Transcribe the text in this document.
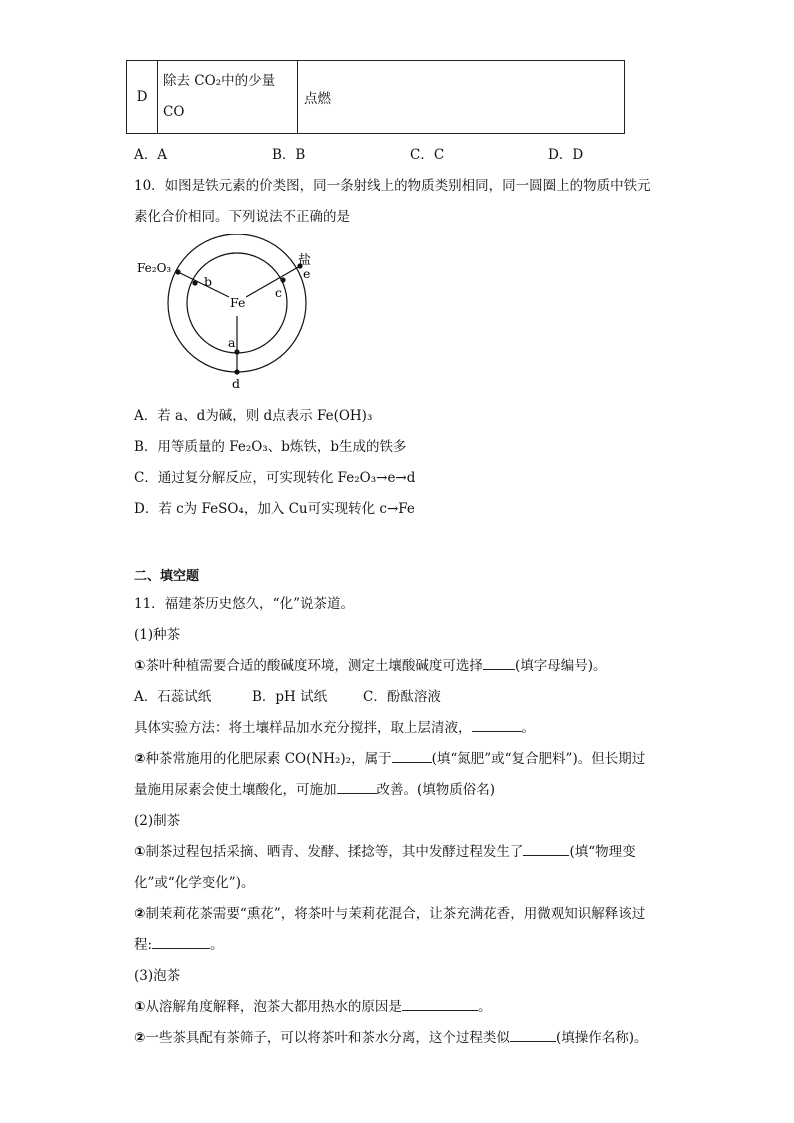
D	
除去 CO₂中的少量
CO
	点燃
A．A	B．B	C．C	D．D
10．如图是铁元素的价类图，同一条射线上的物质类别相同，同一圆圈上的物质中铁元
素化合价相同。下列说法不正确的是
Fe
Fe₂O₃	盐
b
c
e
a
d
A．若 a、d为碱，则 d点表示 Fe(OH)₃
B．用等质量的 Fe₂O₃、b炼铁，b生成的铁多
C．通过复分解反应，可实现转化 Fe₂O₃→e→d
D．若 c为 FeSO₄，加入 Cu可实现转化 c→Fe
二、填空题
11．福建茶历史悠久，“化”说茶道。
(1)种茶
①茶叶种植需要合适的酸碱度环境，测定土壤酸碱度可选择 (填字母编号)。
A．石蕊试纸	B．pH 试纸	C．酚酞溶液
具体实验方法：将土壤样品加水充分搅拌，取上层清液，	。
②种茶常施用的化肥尿素 CO(NH₂)₂，属于	(填“氮肥”或“复合肥料”)。但长期过
量施用尿素会使土壤酸化，可施加	改善。(填物质俗名)
(2)制茶
①制茶过程包括采摘、晒青、发酵、揉捻等，其中发酵过程发生了	(填“物理变
化”或“化学变化”)。
②制茉莉花茶需要“熏花”，将茶叶与茉莉花混合，让茶充满花香，用微观知识解释该过
程:	。
(3)泡茶
①从溶解角度解释，泡茶大都用热水的原因是	。
②一些茶具配有茶筛子，可以将茶叶和茶水分离，这个过程类似	(填操作名称)。
